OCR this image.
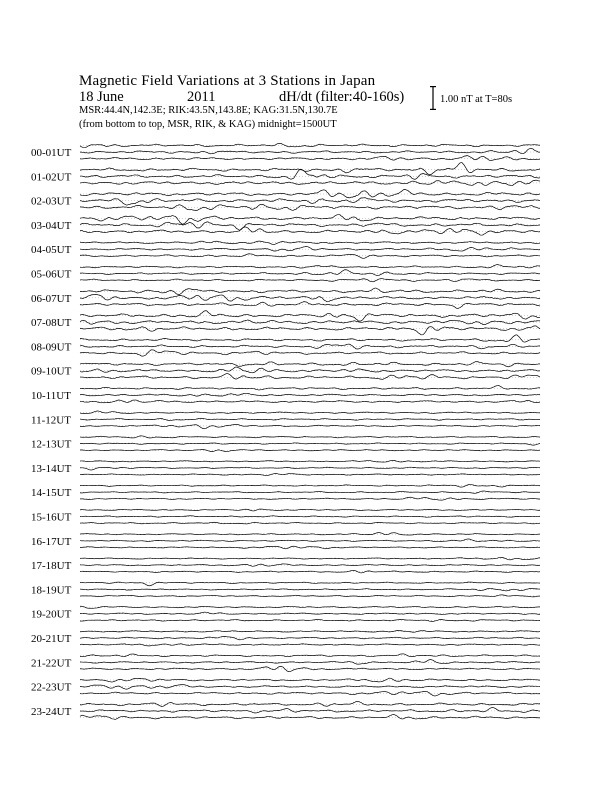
Magnetic Field Variations at 3 Stations in Japan
18 June	2011	dH/dt (filter:40-160s)
MSR:44.4N,142.3E; RIK:43.5N,143.8E; KAG:31.5N,130.7E
(from bottom to top, MSR, RIK, & KAG) midnight=1500UT
1.00 nT at T=80s
00-01UT
01-02UT
02-03UT
03-04UT
04-05UT
05-06UT
06-07UT
07-08UT
08-09UT
09-10UT
10-11UT
11-12UT
12-13UT
13-14UT
14-15UT
15-16UT
16-17UT
17-18UT
18-19UT
19-20UT
20-21UT
21-22UT
22-23UT
23-24UT
